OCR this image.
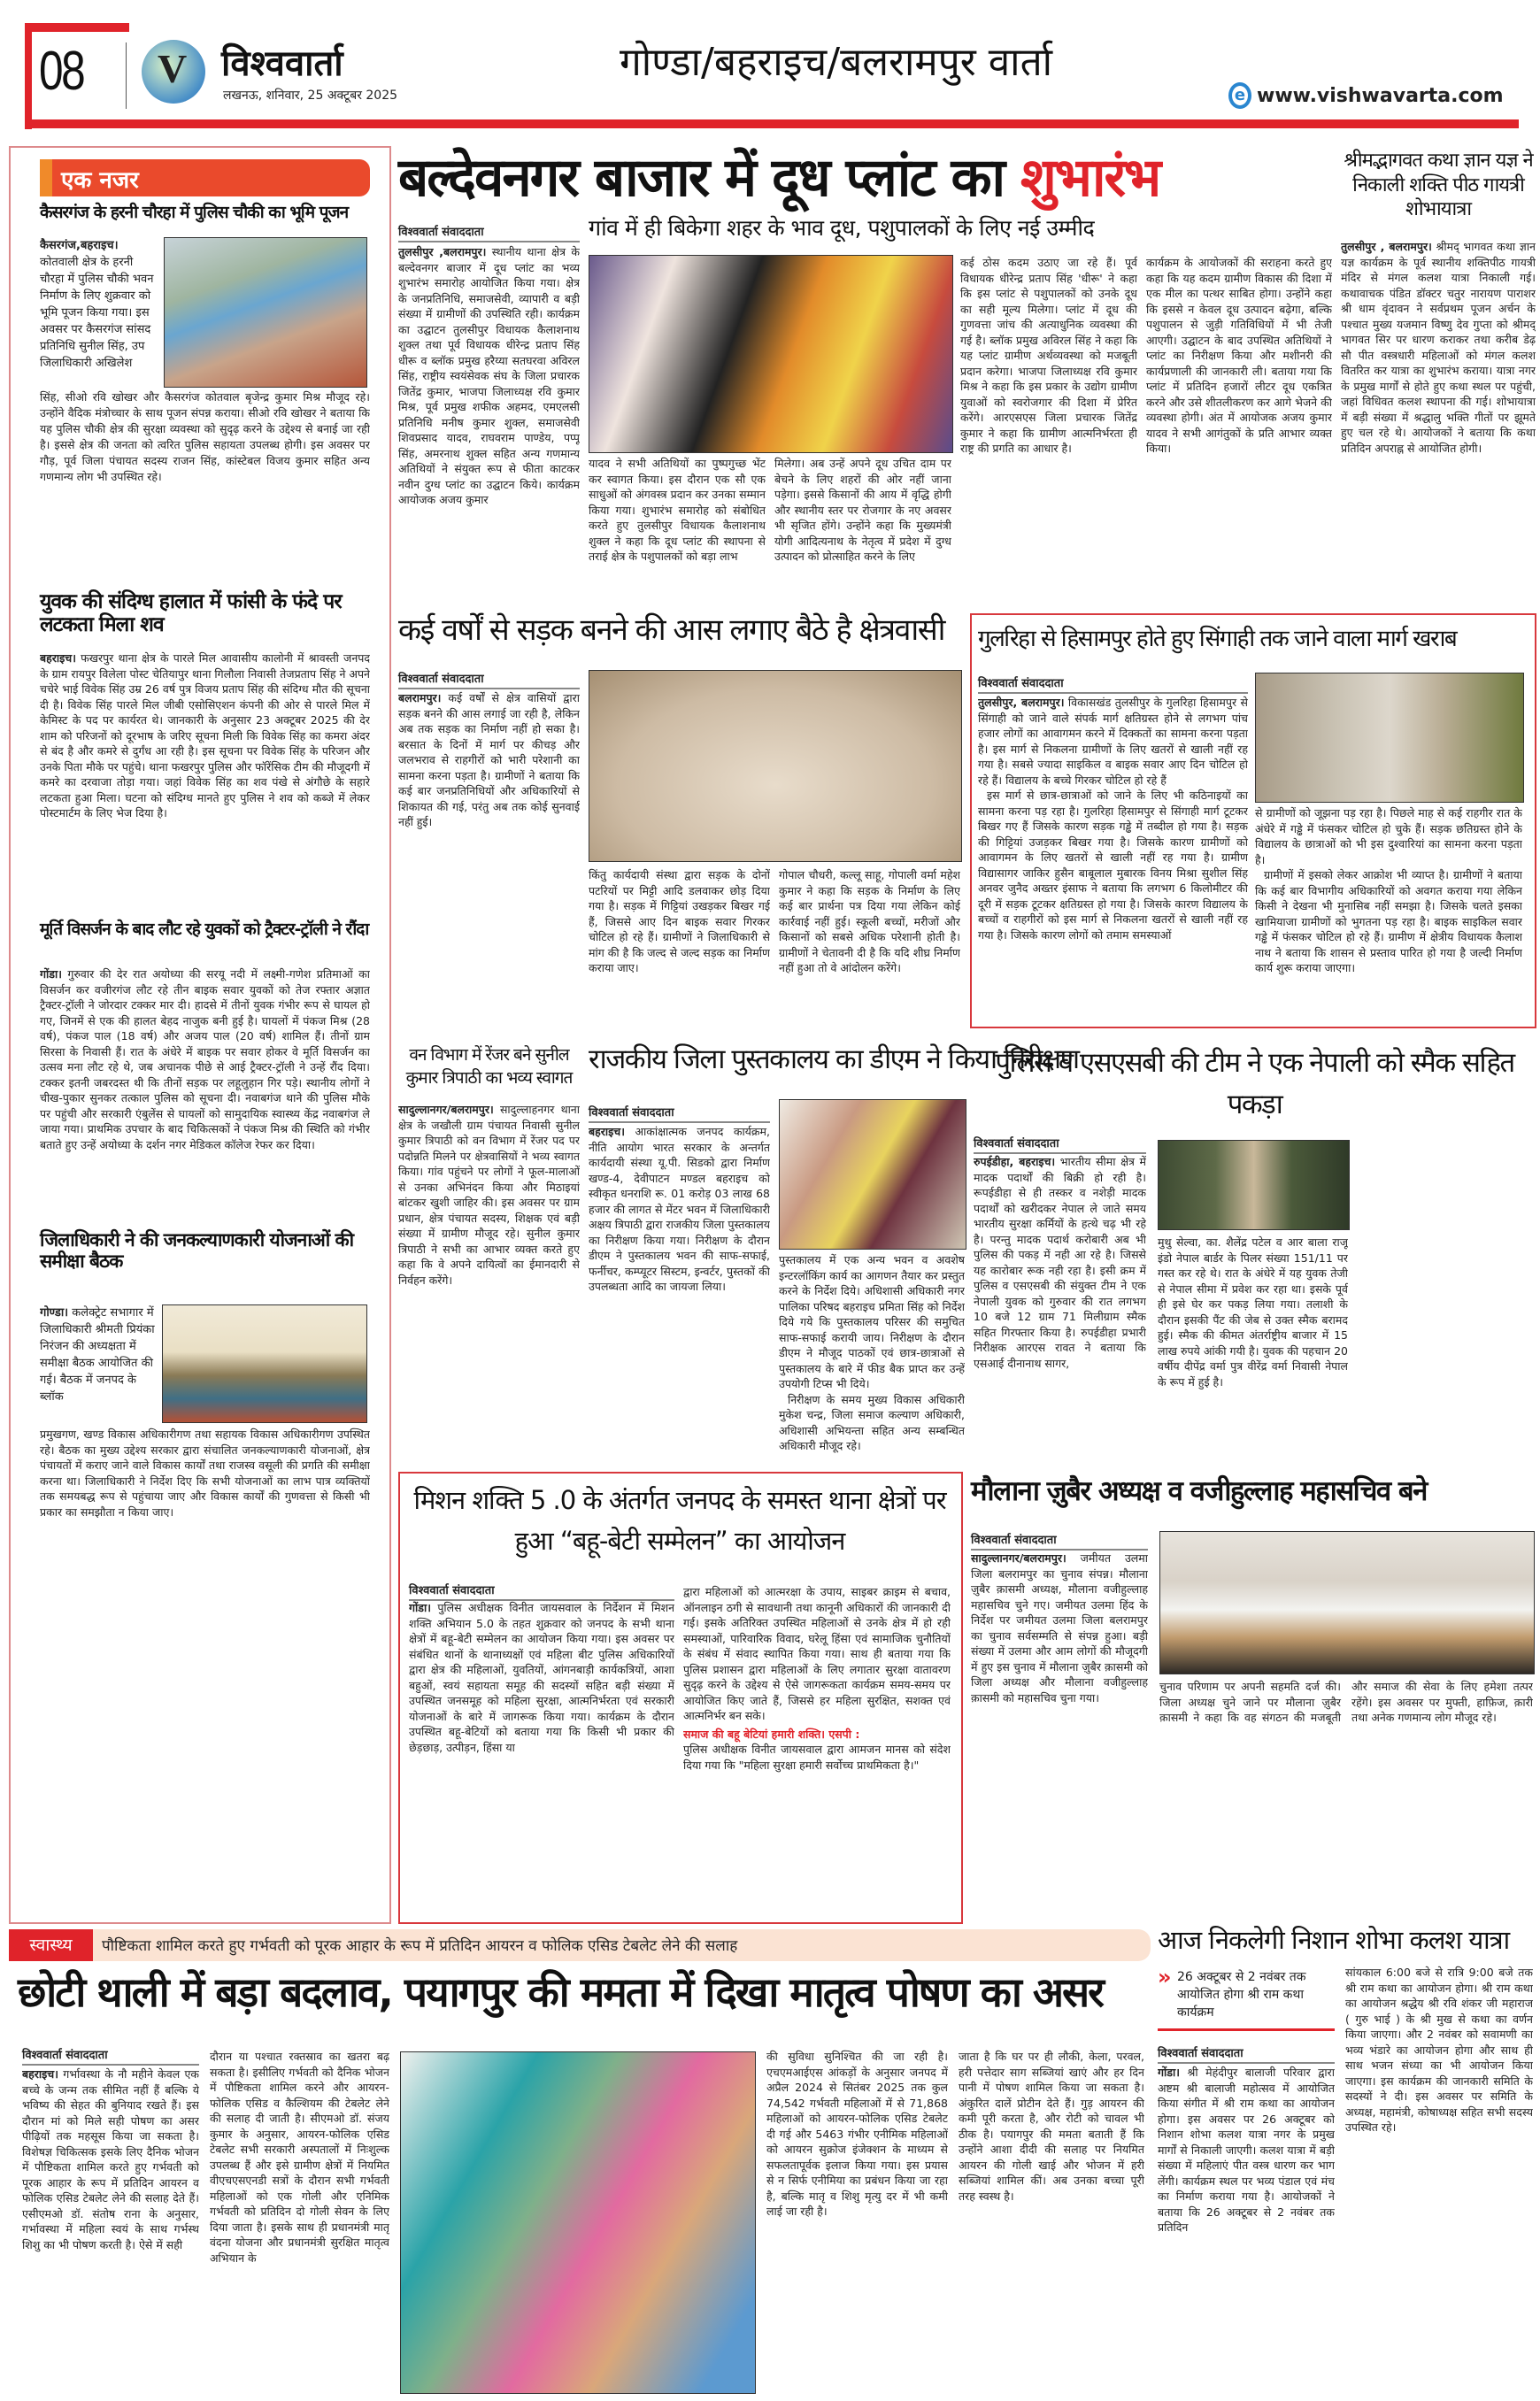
08 V विश्ववार्ता
लखनऊ, शनिवार, 25 अक्टूबर 2025
गोण्डा/बहराइच/बलरामपुर वार्ता
e www.vishwavarta.com
एक नजर
कैसरगंज के हरनी चौरहा में पुलिस चौकी का भूमि पूजन
कैसरगंज,बहराइच। कोतवाली क्षेत्र के हरनी चौरहा में पुलिस चौकी भवन निर्माण के लिए शुक्रवार को भूमि पूजन किया गया। इस अवसर पर कैसरगंज सांसद प्रतिनिधि सुनील सिंह, उप जिलाधिकारी अखिलेश
सिंह, सीओ रवि खोखर और कैसरगंज कोतवाल बृजेन्द्र कुमार मिश्र मौजूद रहे। उन्होंने वैदिक मंत्रोच्चार के साथ पूजन संपन्न कराया। सीओ रवि खोखर ने बताया कि यह पुलिस चौकी क्षेत्र की सुरक्षा व्यवस्था को सुदृढ़ करने के उद्देश्य से बनाई जा रही है। इससे क्षेत्र की जनता को त्वरित पुलिस सहायता उपलब्ध होगी। इस अवसर पर गौड़, पूर्व जिला पंचायत सदस्य राजन सिंह, कांस्टेबल विजय कुमार सहित अन्य गणमान्य लोग भी उपस्थित रहे।
युवक की संदिग्ध हालात में फांसी के फंदे पर लटकता मिला शव
बहराइच। फखरपुर थाना क्षेत्र के पारले मिल आवासीय कालोनी में श्रावस्ती जनपद के ग्राम रायपुर विलेला पोस्ट चेतियापुर थाना गिलौला निवासी तेजप्रताप सिंह ने अपने चचेरे भाई विवेक सिंह उम्र 26 वर्ष पुत्र विजय प्रताप सिंह की संदिग्ध मौत की सूचना दी है। विवेक सिंह पारले मिल जीबी एसोसिएशन कंपनी की ओर से पारले मिल में केमिस्ट के पद पर कार्यरत थे। जानकारी के अनुसार 23 अक्टूबर 2025 की देर शाम को परिजनों को दूरभाष के जरिए सूचना मिली कि विवेक सिंह का कमरा अंदर से बंद है और कमरे से दुर्गंध आ रही है। इस सूचना पर विवेक सिंह के परिजन और उनके पिता मौके पर पहुंचे। थाना फखरपुर पुलिस और फॉरेंसिक टीम की मौजूदगी में कमरे का दरवाजा तोड़ा गया। जहां विवेक सिंह का शव पंखे से अंगौछे के सहारे लटकता हुआ मिला। घटना को संदिग्ध मानते हुए पुलिस ने शव को कब्जे में लेकर पोस्टमार्टम के लिए भेज दिया है।
मूर्ति विसर्जन के बाद लौट रहे युवकों को ट्रैक्टर-ट्रॉली ने रौंदा
गोंडा। गुरुवार की देर रात अयोध्या की सरयू नदी में लक्ष्मी-गणेश प्रतिमाओं का विसर्जन कर वजीरगंज लौट रहे तीन बाइक सवार युवकों को तेज रफ्तार अज्ञात ट्रैक्टर-ट्रॉली ने जोरदार टक्कर मार दी। हादसे में तीनों युवक गंभीर रूप से घायल हो गए, जिनमें से एक की हालत बेहद नाजुक बनी हुई है। घायलों में पंकज मिश्र (28 वर्ष), पंकज पाल (18 वर्ष) और अजय पाल (20 वर्ष) शामिल हैं। तीनों ग्राम सिरसा के निवासी हैं। रात के अंधेरे में बाइक पर सवार होकर वे मूर्ति विसर्जन का उत्सव मना लौट रहे थे, जब अचानक पीछे से आई ट्रैक्टर-ट्रॉली ने उन्हें रौंद दिया। टक्कर इतनी जबरदस्त थी कि तीनों सड़क पर लहूलुहान गिर पड़े। स्थानीय लोगों ने चीख-पुकार सुनकर तत्काल पुलिस को सूचना दी। नवाबगंज थाने की पुलिस मौके पर पहुंची और सरकारी एंबुलेंस से घायलों को सामुदायिक स्वास्थ्य केंद्र नवाबगंज ले जाया गया। प्राथमिक उपचार के बाद चिकित्सकों ने पंकज मिश्र की स्थिति को गंभीर बताते हुए उन्हें अयोध्या के दर्शन नगर मेडिकल कॉलेज रेफर कर दिया।
जिलाधिकारी ने की जनकल्याणकारी योजनाओं की समीक्षा बैठक
गोण्डा। कलेक्ट्रेट सभागार में जिलाधिकारी श्रीमती प्रियंका निरंजन की अध्यक्षता में समीक्षा बैठक आयोजित की गई। बैठक में जनपद के ब्लॉक
प्रमुखगण, खण्ड विकास अधिकारीगण तथा सहायक विकास अधिकारीगण उपस्थित रहे। बैठक का मुख्य उद्देश्य सरकार द्वारा संचालित जनकल्याणकारी योजनाओं, क्षेत्र पंचायतों में कराए जाने वाले विकास कार्यों तथा राजस्व वसूली की प्रगति की समीक्षा करना था। जिलाधिकारी ने निर्देश दिए कि सभी योजनाओं का लाभ पात्र व्यक्तियों तक समयबद्ध रूप से पहुंचाया जाए और विकास कार्यों की गुणवत्ता से किसी भी प्रकार का समझौता न किया जाए।
बल्देवनगर बाजार में दूध प्लांट का शुभारंभ
विश्ववार्ता संवाददाता	गांव में ही बिकेगा शहर के भाव दूध, पशुपालकों के लिए नई उम्मीद
तुलसीपुर ,बलरामपुर। स्थानीय थाना क्षेत्र के बल्देवनगर बाजार में दूध प्लांट का भव्य शुभारंभ समारोह आयोजित किया गया। क्षेत्र के जनप्रतिनिधि, समाजसेवी, व्यापारी व बड़ी संख्या में ग्रामीणों की उपस्थिति रही। कार्यक्रम का उद्घाटन तुलसीपुर विधायक कैलाशनाथ शुक्ल तथा पूर्व विधायक धीरेन्द्र प्रताप सिंह धीरू व ब्लॉक प्रमुख हरैय्या सतघरवा अविरल सिंह, राष्ट्रीय स्वयंसेवक संघ के जिला प्रचारक जितेंद्र कुमार, भाजपा जिलाध्यक्ष रवि कुमार मिश्र, पूर्व प्रमुख शफीक अहमद, एमएलसी प्रतिनिधि मनीष कुमार शुक्ल, समाजसेवी शिवप्रसाद यादव, राघवराम पाण्डेय, पप्पू सिंह, अमरनाथ शुक्ल सहित अन्य गणमान्य अतिथियों ने संयुक्त रूप से फीता काटकर नवीन दुग्ध प्लांट का उद्घाटन किये। कार्यक्रम आयोजक अजय कुमार
यादव ने सभी अतिथियों का पुष्पगुच्छ भेंट कर स्वागत किया। इस दौरान एक सौ एक साधुओं को अंगवस्त्र प्रदान कर उनका सम्मान किया गया। शुभारंभ समारोह को संबोधित करते हुए तुलसीपुर विधायक कैलाशनाथ शुक्ल ने कहा कि दूध प्लांट की स्थापना से तराई क्षेत्र के पशुपालकों को बड़ा लाभ
मिलेगा। अब उन्हें अपने दूध उचित दाम पर बेचने के लिए शहरों की ओर नहीं जाना पड़ेगा। इससे किसानों की आय में वृद्धि होगी और स्थानीय स्तर पर रोजगार के नए अवसर भी सृजित होंगे। उन्होंने कहा कि मुख्यमंत्री योगी आदित्यनाथ के नेतृत्व में प्रदेश में दुग्ध उत्पादन को प्रोत्साहित करने के लिए
कई ठोस कदम उठाए जा रहे हैं। पूर्व विधायक धीरेन्द्र प्रताप सिंह 'धीरू' ने कहा कि इस प्लांट से पशुपालकों को उनके दूध का सही मूल्य मिलेगा। प्लांट में दूध की गुणवत्ता जांच की अत्याधुनिक व्यवस्था की गई है। ब्लॉक प्रमुख अविरल सिंह ने कहा कि यह प्लांट ग्रामीण अर्थव्यवस्था को मजबूती प्रदान करेगा। भाजपा जिलाध्यक्ष रवि कुमार मिश्र ने कहा कि इस प्रकार के उद्योग ग्रामीण युवाओं को स्वरोजगार की दिशा में प्रेरित करेंगे। आरएसएस जिला प्रचारक जितेंद्र कुमार ने कहा कि ग्रामीण आत्मनिर्भरता ही राष्ट्र की प्रगति का आधार है।
कार्यक्रम के आयोजकों की सराहना करते हुए कहा कि यह कदम ग्रामीण विकास की दिशा में एक मील का पत्थर साबित होगा। उन्होंने कहा कि इससे न केवल दूध उत्पादन बढ़ेगा, बल्कि पशुपालन से जुड़ी गतिविधियों में भी तेजी आएगी। उद्घाटन के बाद उपस्थित अतिथियों ने प्लांट का निरीक्षण किया और मशीनरी की कार्यप्रणाली की जानकारी ली। बताया गया कि प्लांट में प्रतिदिन हजारों लीटर दूध एकत्रित करने और उसे शीतलीकरण कर आगे भेजने की व्यवस्था होगी। अंत में आयोजक अजय कुमार यादव ने सभी आगंतुकों के प्रति आभार व्यक्त किया।
श्रीमद्भागवत कथा ज्ञान यज्ञ ने निकाली शक्ति पीठ गायत्री शोभायात्रा
तुलसीपुर , बलरामपुर। श्रीमद् भागवत कथा ज्ञान यज्ञ कार्यक्रम के पूर्व स्थानीय शक्तिपीठ गायत्री मंदिर से मंगल कलश यात्रा निकाली गई। कथावाचक पंडित डॉक्टर चतुर नारायण पाराशर श्री धाम वृंदावन ने सर्वप्रथम पूजन अर्चन के पश्चात मुख्य यजमान विष्णु देव गुप्ता को श्रीमद् भागवत सिर पर धारण कराकर तथा करीब डेढ़ सौ पीत वस्त्रधारी महिलाओं को मंगल कलश वितरित कर यात्रा का शुभारंभ कराया। यात्रा नगर के प्रमुख मार्गों से होते हुए कथा स्थल पर पहुंची, जहां विधिवत कलश स्थापना की गई। शोभायात्रा में बड़ी संख्या में श्रद्धालु भक्ति गीतों पर झूमते हुए चल रहे थे। आयोजकों ने बताया कि कथा प्रतिदिन अपराह्न से आयोजित होगी।
कई वर्षों से सड़क बनने की आस लगाए बैठे है क्षेत्रवासी
विश्ववार्ता संवाददाता
बलरामपुर। कई वर्षों से क्षेत्र वासियों द्वारा सड़क बनने की आस लगाई जा रही है, लेकिन अब तक सड़क का निर्माण नहीं हो सका है। बरसात के दिनों में मार्ग पर कीचड़ और जलभराव से राहगीरों को भारी परेशानी का सामना करना पड़ता है। ग्रामीणों ने बताया कि कई बार जनप्रतिनिधियों और अधिकारियों से शिकायत की गई, परंतु अब तक कोई सुनवाई नहीं हुई।
किंतु कार्यदायी संस्था द्वारा सड़क के दोनों पटरियों पर मिट्टी आदि डलवाकर छोड़ दिया गया है। सड़क में गिट्टियां उखड़कर बिखर गई हैं, जिससे आए दिन बाइक सवार गिरकर चोटिल हो रहे हैं। ग्रामीणों ने जिलाधिकारी से मांग की है कि जल्द से जल्द सड़क का निर्माण कराया जाए।
गोपाल चौधरी, कल्लू साहू, गोपाली वर्मा महेश कुमार ने कहा कि सड़क के निर्माण के लिए कई बार प्रार्थना पत्र दिया गया लेकिन कोई कार्रवाई नहीं हुई। स्कूली बच्चों, मरीजों और किसानों को सबसे अधिक परेशानी होती है। ग्रामीणों ने चेतावनी दी है कि यदि शीघ्र निर्माण नहीं हुआ तो वे आंदोलन करेंगे।
गुलरिहा से हिसामपुर होते हुए सिंगाही तक जाने वाला मार्ग खराब
विश्ववार्ता संवाददाता
तुलसीपुर, बलरामपुर। विकासखंड तुलसीपुर के गुलरिहा हिसामपुर से सिंगाही को जाने वाले संपर्क मार्ग क्षतिग्रस्त होने से लगभग पांच हजार लोगों का आवागमन करने में दिक्कतों का सामना करना पड़ता है। इस मार्ग से निकलना ग्रामीणों के लिए खतरों से खाली नहीं रह गया है। सबसे ज्यादा साइकिल व बाइक सवार आए दिन चोटिल हो रहे हैं। विद्यालय के बच्चे गिरकर चोटिल हो रहे हैं

इस मार्ग से छात्र-छात्राओं को जाने के लिए भी कठिनाइयों का सामना करना पड़ रहा है। गुलरिहा हिसामपुर से सिंगाही मार्ग टूटकर बिखर गए हैं जिसके कारण सड़क गड्ढे में तब्दील हो गया है। सड़क की गिट्टियां उजड़कर बिखर गया है। जिसके कारण ग्रामीणों को आवागमन के लिए खतरों से खाली नहीं रह गया है। ग्रामीण विद्यासागर जाकिर हुसैन बाबूलाल मुबारक विनय मिश्रा सुशील सिंह अनवर जुनैद अख्तर इंसाफ ने बताया कि लगभग 6 किलोमीटर की दूरी में सड़क टूटकर क्षतिग्रस्त हो गया है। जिसके कारण विद्यालय के बच्चों व राहगीरों को इस मार्ग से निकलना खतरों से खाली नहीं रह गया है। जिसके कारण लोगों को तमाम समस्याओं

से ग्रामीणों को जूझना पड़ रहा है। पिछले माह से कई राहगीर रात के अंधेरे में गड्ढे में फंसकर चोटिल हो चुके हैं। सड़क छतिग्रस्त होने के विद्यालय के छात्राओं को भी इस दुश्वारियां का सामना करना पड़ता है।

ग्रामीणों में इसको लेकर आक्रोश भी व्याप्त है। ग्रामीणों ने बताया कि कई बार विभागीय अधिकारियों को अवगत कराया गया लेकिन किसी ने देखना भी मुनासिब नहीं समझा है। जिसके चलते इसका खामियाजा ग्रामीणों को भुगतना पड़ रहा है। बाइक साइकिल सवार गड्ढे में फंसकर चोटिल हो रहे हैं। ग्रामीण में क्षेत्रीय विधायक कैलाश नाथ ने बताया कि शासन से प्रस्ताव पारित हो गया है जल्दी निर्माण कार्य शुरू कराया जाएगा।

वन विभाग में रेंजर बने सुनील कुमार त्रिपाठी का भव्य स्वागत
सादुल्लानगर/बलरामपुर। सादुल्लाहनगर थाना क्षेत्र के जखौली ग्राम पंचायत निवासी सुनील कुमार त्रिपाठी को वन विभाग में रेंजर पद पर पदोन्नति मिलने पर क्षेत्रवासियों ने भव्य स्वागत किया। गांव पहुंचने पर लोगों ने फूल-मालाओं से उनका अभिनंदन किया और मिठाइयां बांटकर खुशी जाहिर की। इस अवसर पर ग्राम प्रधान, क्षेत्र पंचायत सदस्य, शिक्षक एवं बड़ी संख्या में ग्रामीण मौजूद रहे। सुनील कुमार त्रिपाठी ने सभी का आभार व्यक्त करते हुए कहा कि वे अपने दायित्वों का ईमानदारी से निर्वहन करेंगे।
राजकीय जिला पुस्तकालय का डीएम ने किया निरीक्षण
विश्ववार्ता संवाददाता
बहराइच। आकांक्षात्मक जनपद कार्यक्रम, नीति आयोग भारत सरकार के अन्तर्गत कार्यदायी संस्था यू.पी. सिडको द्वारा निर्माण खण्ड-4, देवीपाटन मण्डल बहराइच को स्वीकृत धनराशि रू. 01 करोड़ 03 लाख 68 हजार की लागत से मेंटर भवन में जिलाधिकारी अक्षय त्रिपाठी द्वारा राजकीय जिला पुस्तकालय का निरीक्षण किया गया। निरीक्षण के दौरान डीएम ने पुस्तकालय भवन की साफ-सफाई, फर्नीचर, कम्प्यूटर सिस्टम, इन्वर्टर, पुस्तकों की उपलब्धता आदि का जायजा लिया।
पुस्तकालय में एक अन्य भवन व अवशेष इन्टरलॉकिंग कार्य का आगणन तैयार कर प्रस्तुत करने के निर्देश दिये। अधिशासी अधिकारी नगर पालिका परिषद बहराइच प्रमिता सिंह को निर्देश दिये गये कि पुस्तकालय परिसर की समुचित साफ-सफाई करायी जाय। निरीक्षण के दौरान डीएम ने मौजूद पाठकों एवं छात्र-छात्राओं से पुस्तकालय के बारे में फीड बैक प्राप्त कर उन्हें उपयोगी टिप्स भी दिये।

निरीक्षण के समय मुख्य विकास अधिकारी मुकेश चन्द्र, जिला समाज कल्याण अधिकारी, अधिशासी अभियन्ता सहित अन्य सम्बन्धित अधिकारी मौजूद रहे।

पुलिस व एसएसबी की टीम ने एक नेपाली को स्मैक सहित पकड़ा
विश्ववार्ता संवाददाता
रुपईडीहा, बहराइच। भारतीय सीमा क्षेत्र में मादक पदार्थों की बिक्री हो रही है। रूपईडीहा से ही तस्कर व नशेड़ी मादक पदार्थों को खरीदकर नेपाल ले जाते समय भारतीय सुरक्षा कर्मियों के हत्थे चढ़ भी रहे है। परन्तु मादक पदार्थ करोबारी अब भी पुलिस की पकड़ में नही आ रहे है। जिससे यह कारोबार रूक नही रहा है। इसी क्रम में पुलिस व एसएसबी की संयुक्त टीम ने एक नेपाली युवक को गुरुवार की रात लगभग 10 बजे 12 ग्राम 71 मिलीग्राम स्मैक सहित गिरफ्तार किया है। रुपईडीहा प्रभारी निरीक्षक आरएस रावत ने बताया कि एसआई दीनानाथ सागर,
मुथु सेल्वा, का. शैलेंद्र पटेल व आर बाला राजू इंडो नेपाल बार्डर के पिलर संख्या 151/11 पर गस्त कर रहे थे। रात के अंधेरे में यह युवक तेजी से नेपाल सीमा में प्रवेश कर रहा था। इसके पूर्व ही इसे घेर कर पकड़ लिया गया। तलाशी के दौरान इसकी पैंट की जेब से उक्त स्मैक बरामद हुई। स्मैक की कीमत अंतर्राष्ट्रीय बाजार में 15 लाख रुपये आंकी गयी है। युवक की पहचान 20 वर्षीय दीपेंद्र वर्मा पुत्र वीरेंद्र वर्मा निवासी नेपाल के रूप में हुई है।
मिशन शक्ति 5 .0 के अंतर्गत जनपद के समस्त थाना क्षेत्रों पर हुआ “बहू-बेटी सम्मेलन” का आयोजन
विश्ववार्ता संवाददाता
गोंडा। पुलिस अधीक्षक विनीत जायसवाल के निर्देशन में मिशन शक्ति अभियान 5.0 के तहत शुक्रवार को जनपद के सभी थाना क्षेत्रों में बहू-बेटी सम्मेलन का आयोजन किया गया। इस अवसर पर संबंधित थानों के थानाध्यक्षों एवं महिला बीट पुलिस अधिकारियों द्वारा क्षेत्र की महिलाओं, युवतियों, आंगनबाड़ी कार्यकत्रियों, आशा बहुओं, स्वयं सहायता समूह की सदस्यों सहित बड़ी संख्या में उपस्थित जनसमूह को महिला सुरक्षा, आत्मनिर्भरता एवं सरकारी योजनाओं के बारे में जागरूक किया गया। कार्यक्रम के दौरान उपस्थित बहू-बेटियों को बताया गया कि किसी भी प्रकार की छेड़छाड़, उत्पीड़न, हिंसा या
द्वारा महिलाओं को आत्मरक्षा के उपाय, साइबर क्राइम से बचाव, ऑनलाइन ठगी से सावधानी तथा कानूनी अधिकारों की जानकारी दी गई। इसके अतिरिक्त उपस्थित महिलाओं से उनके क्षेत्र में हो रही समस्याओं, पारिवारिक विवाद, घरेलू हिंसा एवं सामाजिक चुनौतियों के संबंध में संवाद स्थापित किया गया। साथ ही बताया गया कि पुलिस प्रशासन द्वारा महिलाओं के लिए लगातार सुरक्षा वातावरण सुदृढ़ करने के उद्देश्य से ऐसे जागरूकता कार्यक्रम समय-समय पर आयोजित किए जाते हैं, जिससे हर महिला सुरक्षित, सशक्त एवं आत्मनिर्भर बन सके।
समाज की बहू बेटियां हमारी शक्ति। एसपी :
पुलिस अधीक्षक विनीत जायसवाल द्वारा आमजन मानस को संदेश दिया गया कि "महिला सुरक्षा हमारी सर्वोच्च प्राथमिकता है।"
मौलाना ज़ुबैर अध्यक्ष व वजीहुल्लाह महासचिव बने
विश्ववार्ता संवाददाता
सादुल्लानगर/बलरामपुर। जमीयत उलमा जिला बलरामपुर का चुनाव संपन्न। मौलाना ज़ुबैर क़ासमी अध्यक्ष, मौलाना वजीहुल्लाह महासचिव चुने गए। जमीयत उलमा हिंद के निर्देश पर जमीयत उलमा जिला बलरामपुर का चुनाव सर्वसम्मति से संपन्न हुआ। बड़ी संख्या में उलमा और आम लोगों की मौजूदगी में हुए इस चुनाव में मौलाना ज़ुबैर क़ासमी को जिला अध्यक्ष और मौलाना वजीहुल्लाह क़ासमी को महासचिव चुना गया।
चुनाव परिणाम पर अपनी सहमति दर्ज की। जिला अध्यक्ष चुने जाने पर मौलाना ज़ुबैर क़ासमी ने कहा कि वह संगठन की मजबूती और समाज की सेवा के लिए हमेशा तत्पर रहेंगे। इस अवसर पर मुफ्ती, हाफ़िज, क़ारी तथा अनेक गणमान्य लोग मौजूद रहे।
स्वास्थ्य	पौष्टिकता शामिल करते हुए गर्भवती को पूरक आहार के रूप में प्रतिदिन आयरन व फोलिक एसिड टेबलेट लेने की सलाह
छोटी थाली में बड़ा बदलाव, पयागपुर की ममता में दिखा मातृत्व पोषण का असर
विश्ववार्ता संवाददाता
बहराइच। गर्भावस्था के नौ महीने केवल एक बच्चे के जन्म तक सीमित नहीं हैं बल्कि ये भविष्य की सेहत की बुनियाद रखते हैं। इस दौरान मां को मिले सही पोषण का असर पीढ़ियों तक महसूस किया जा सकता है। विशेषज्ञ चिकित्सक इसके लिए दैनिक भोजन में पौष्टिकता शामिल करते हुए गर्भवती को पूरक आहार के रूप में प्रतिदिन आयरन व फोलिक एसिड टेबलेट लेने की सलाह देते हैं। एसीएमओ डॉ. संतोष राना के अनुसार, गर्भावस्था में महिला स्वयं के साथ गर्भस्थ शिशु का भी पोषण करती है। ऐसे में सही
दौरान या पश्चात रक्तस्राव का खतरा बढ़ सकता है। इसीलिए गर्भवती को दैनिक भोजन में पौष्टिकता शामिल करने और आयरन-फोलिक एसिड व कैल्शियम की टेबलेट लेने की सलाह दी जाती है। सीएमओ डॉ. संजय कुमार के अनुसार, आयरन-फोलिक एसिड टेबलेट सभी सरकारी अस्पतालों में निःशुल्क उपलब्ध हैं और इसे ग्रामीण क्षेत्रों में नियमित वीएचएसएनडी सत्रों के दौरान सभी गर्भवती महिलाओं को एक गोली और एनिमिक गर्भवती को प्रतिदिन दो गोली सेवन के लिए दिया जाता है। इसके साथ ही प्रधानमंत्री मातृ वंदना योजना और प्रधानमंत्री सुरक्षित मातृत्व अभियान के
की सुविधा सुनिश्चित की जा रही है। एचएमआईएस आंकड़ों के अनुसार जनपद में अप्रैल 2024 से सितंबर 2025 तक कुल 74,542 गर्भवती महिलाओं में से 71,868 महिलाओं को आयरन-फोलिक एसिड टेबलेट दी गई और 5463 गंभीर एनीमिक महिलाओं को आयरन सुक्रोज इंजेक्शन के माध्यम से सफलतापूर्वक इलाज किया गया। इस प्रयास से न सिर्फ एनीमिया का प्रबंधन किया जा रहा है, बल्कि मातृ व शिशु मृत्यु दर में भी कमी लाई जा रही है।
जाता है कि घर पर ही लौकी, केला, परवल, हरी पत्तेदार साग सब्जियां खाएं और हर दिन पानी में पोषण शामिल किया जा सकता है। अंकुरित दालें प्रोटीन देते हैं। गुड़ आयरन की कमी पूरी करता है, और रोटी को चावल भी ठीक है। पयागपुर की ममता बताती हैं कि उन्होंने आशा दीदी की सलाह पर नियमित आयरन की गोली खाई और भोजन में हरी सब्जियां शामिल कीं। अब उनका बच्चा पूरी तरह स्वस्थ है।
आज निकलेगी निशान शोभा कलश यात्रा
» 26 अक्टूबर से 2 नवंबर तक आयोजित होगा श्री राम कथा कार्यक्रम
विश्ववार्ता संवाददाता
गोंडा। श्री मेहंदीपुर बालाजी परिवार द्वारा अष्टम श्री बालाजी महोत्सव में आयोजित किया संगीत में श्री राम कथा का आयोजन होगा। इस अवसर पर 26 अक्टूबर को निशान शोभा कलश यात्रा नगर के प्रमुख मार्गों से निकाली जाएगी। कलश यात्रा में बड़ी संख्या में महिलाएं पीत वस्त्र धारण कर भाग लेंगी। कार्यक्रम स्थल पर भव्य पंडाल एवं मंच का निर्माण कराया गया है। आयोजकों ने बताया कि 26 अक्टूबर से 2 नवंबर तक प्रतिदिन
सांयकाल 6:00 बजे से रात्रि 9:00 बजे तक श्री राम कथा का आयोजन होगा। श्री राम कथा का आयोजन श्रद्धेय श्री रवि शंकर जी महाराज ( गुरु भाई ) के श्री मुख से कथा का वर्णन किया जाएगा। और 2 नवंबर को सवामणी का भव्य भंडारे का आयोजन होगा और साथ ही साथ भजन संध्या का भी आयोजन किया जाएगा। इस कार्यक्रम की जानकारी समिति के सदस्यों ने दी। इस अवसर पर समिति के अध्यक्ष, महामंत्री, कोषाध्यक्ष सहित सभी सदस्य उपस्थित रहे।
